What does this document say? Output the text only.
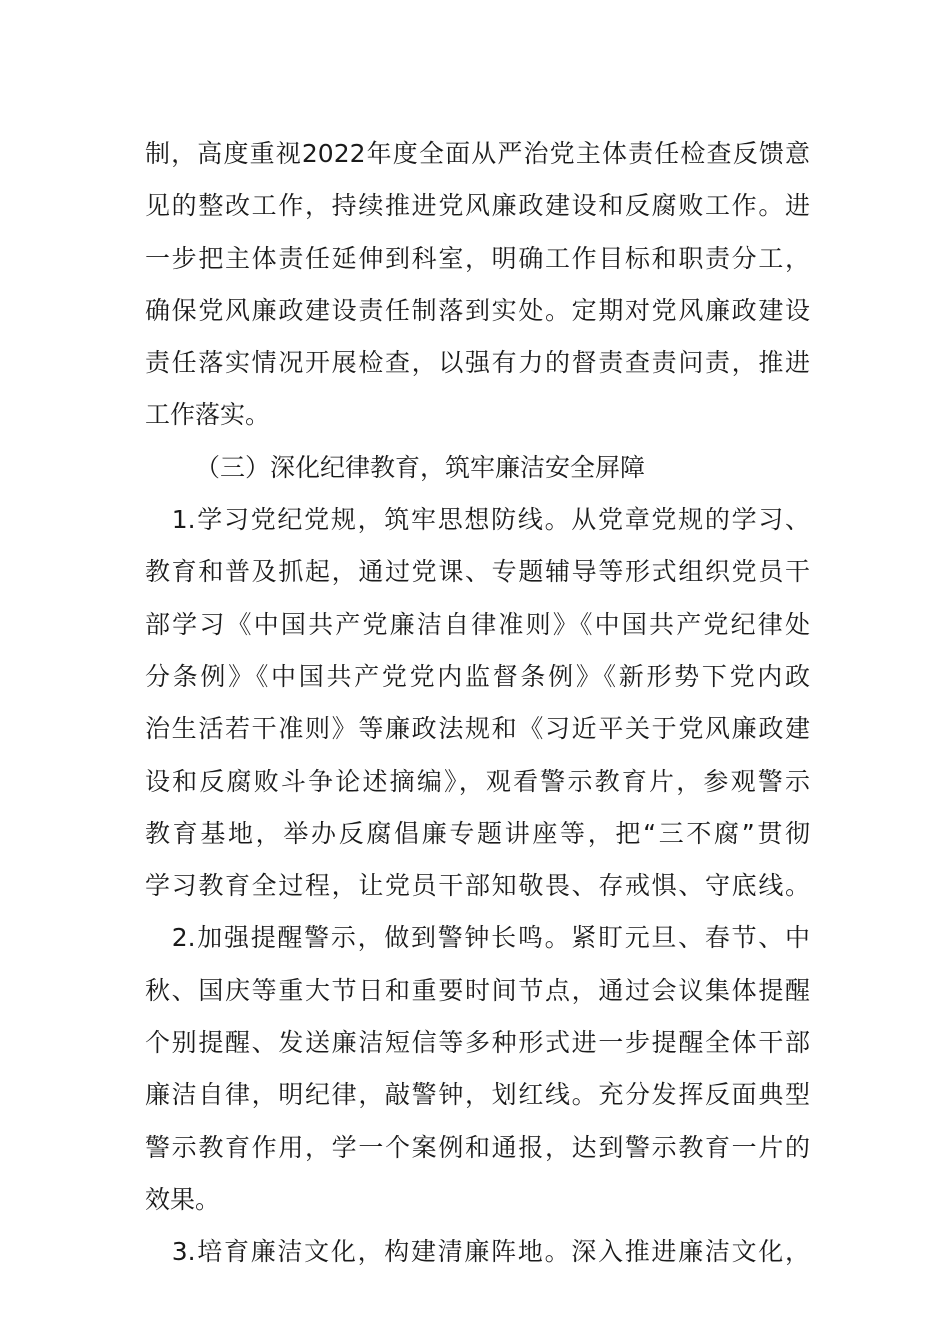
制，高度重视2022年度全面从严治党主体责任检查反馈意
见的整改工作，持续推进党风廉政建设和反腐败工作。进
一步把主体责任延伸到科室，明确工作目标和职责分工，
确保党风廉政建设责任制落到实处。定期对党风廉政建设
责任落实情况开展检查，以强有力的督责查责问责，推进
工作落实。
（三）深化纪律教育，筑牢廉洁安全屏障
　1.学习党纪党规，筑牢思想防线。从党章党规的学习、
教育和普及抓起，通过党课、专题辅导等形式组织党员干
部学习《中国共产党廉洁自律准则》《中国共产党纪律处
分条例》《中国共产党党内监督条例》《新形势下党内政
治生活若干准则》等廉政法规和《习近平关于党风廉政建
设和反腐败斗争论述摘编》，观看警示教育片，参观警示
教育基地，举办反腐倡廉专题讲座等，把“三不腐”贯彻
学习教育全过程，让党员干部知敬畏、存戒惧、守底线。
　2.加强提醒警示，做到警钟长鸣。紧盯元旦、春节、中
秋、国庆等重大节日和重要时间节点，通过会议集体提醒
个别提醒、发送廉洁短信等多种形式进一步提醒全体干部
廉洁自律，明纪律，敲警钟，划红线。充分发挥反面典型
警示教育作用，学一个案例和通报，达到警示教育一片的
效果。
　3.培育廉洁文化，构建清廉阵地。深入推进廉洁文化，
